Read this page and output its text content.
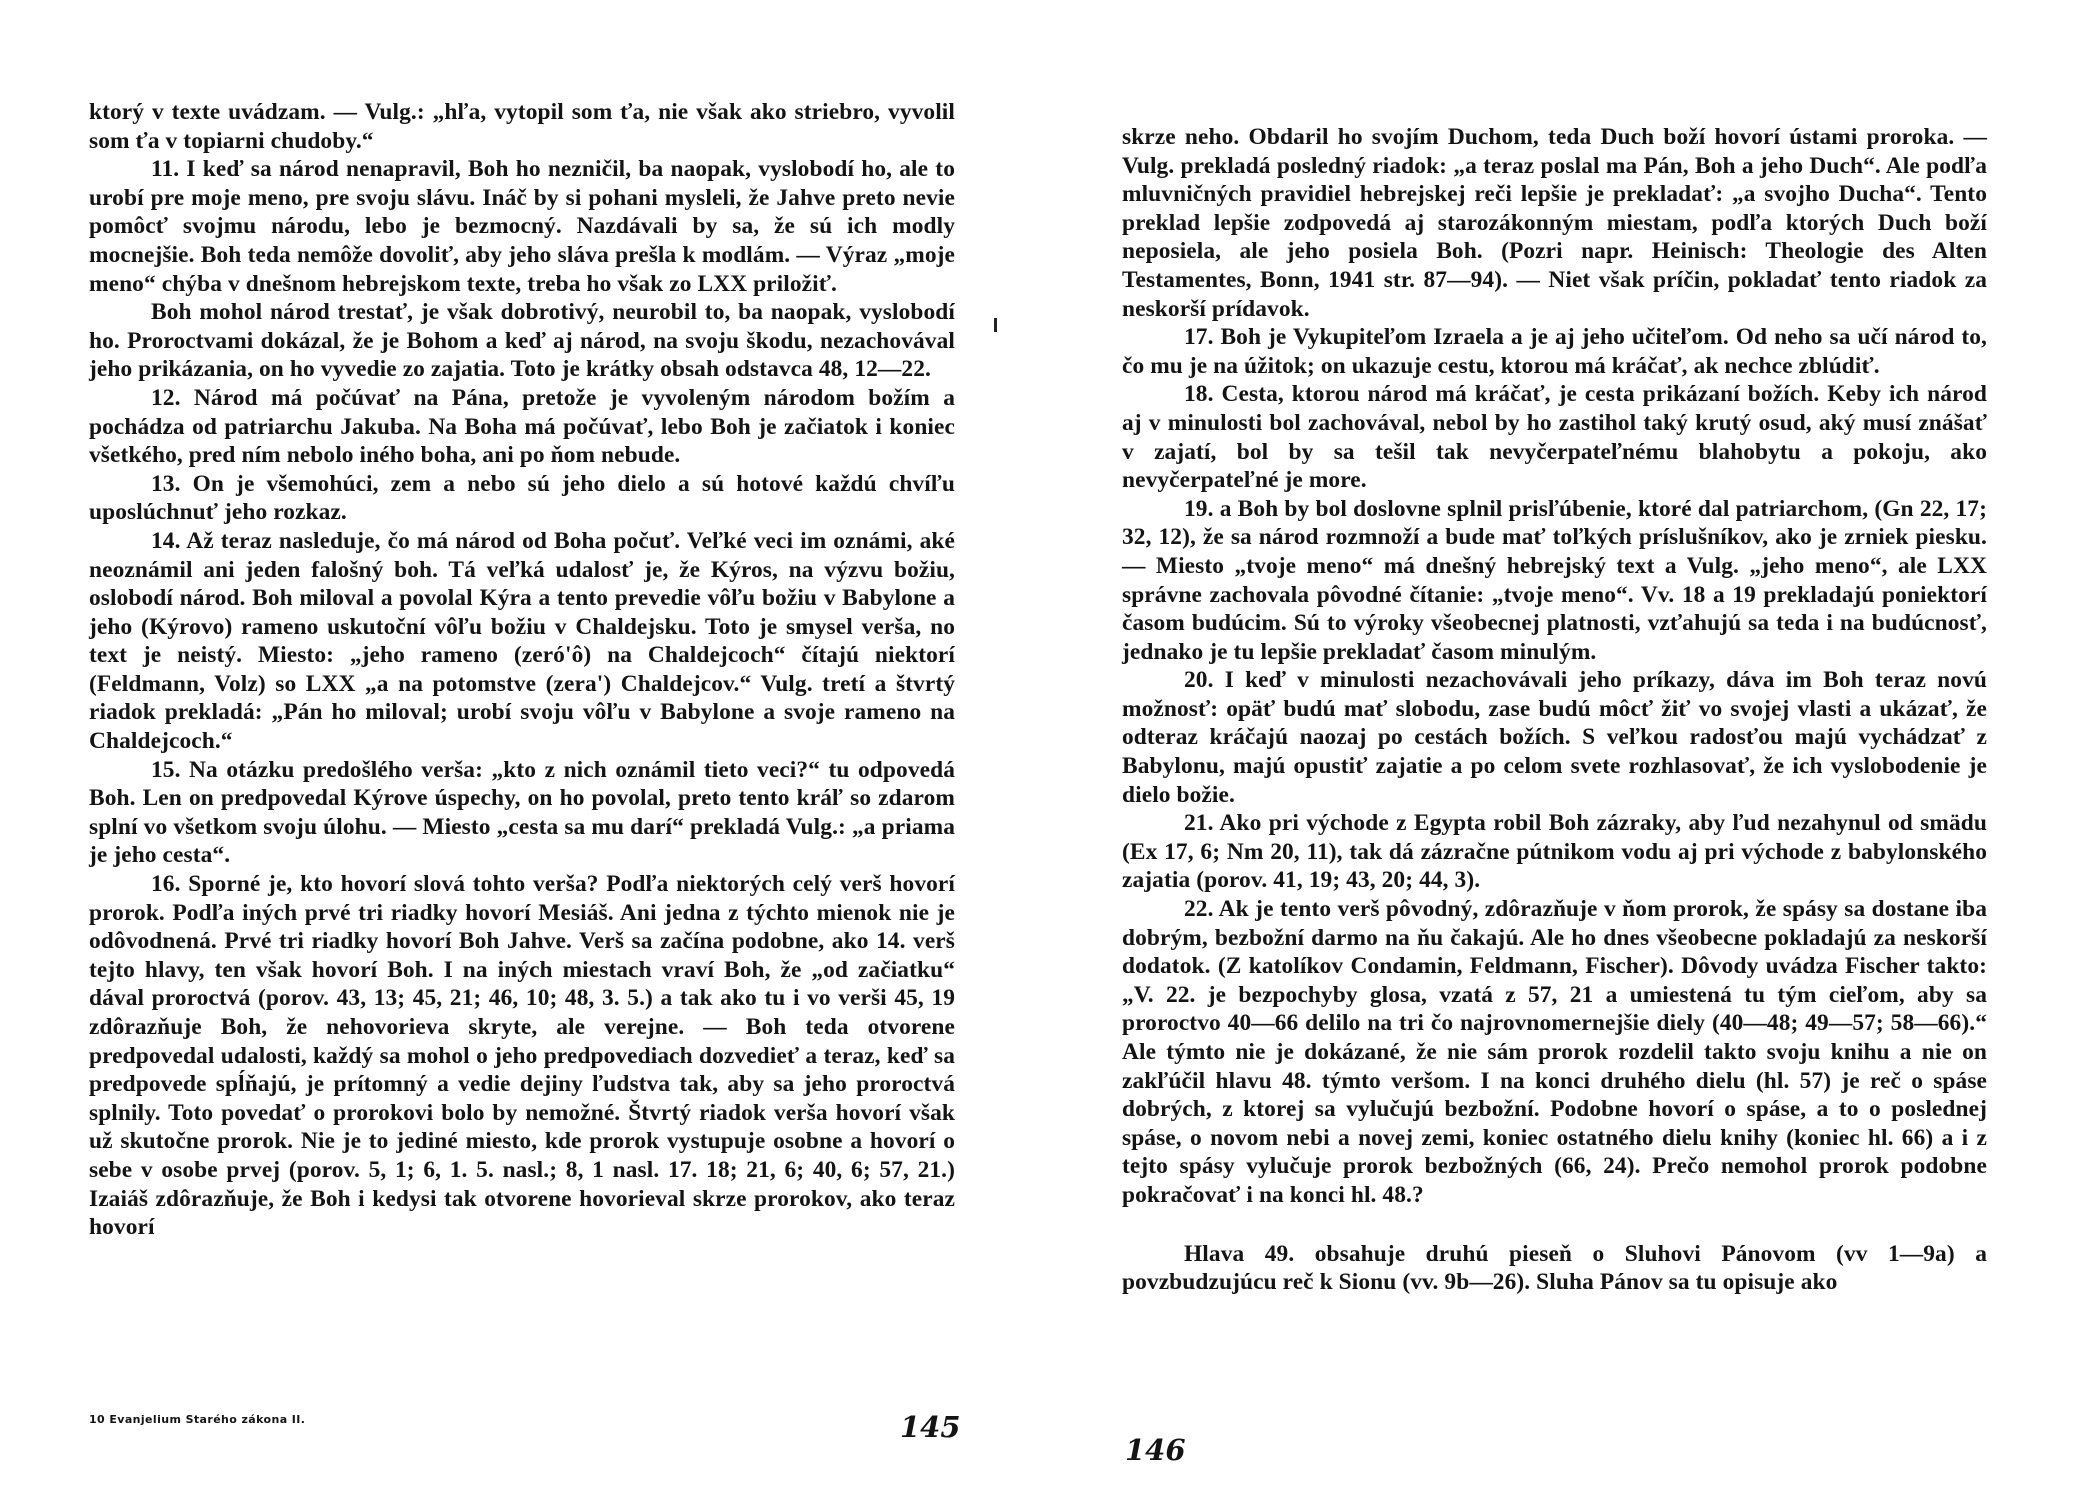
ktorý v texte uvádzam. — Vulg.: „hľa, vytopil som ťa, nie však ako striebro, vyvolil som ťa v topiarni chudoby.“

11. I keď sa národ nenapravil, Boh ho nezničil, ba naopak, vyslobodí ho, ale to urobí pre moje meno, pre svoju slávu. Ináč by si pohani mysleli, že Jahve preto nevie pomôcť svojmu národu, lebo je bezmocný. Nazdávali by sa, že sú ich modly mocnejšie. Boh teda nemôže dovoliť, aby jeho sláva prešla k modlám. — Výraz „moje meno“ chýba v dnešnom hebrejskom texte, treba ho však zo LXX priložiť.

Boh mohol národ trestať, je však dobrotivý, neurobil to, ba naopak, vyslobodí ho. Proroctvami dokázal, že je Bohom a keď aj národ, na svoju škodu, nezachovával jeho prikázania, on ho vyvedie zo zajatia. Toto je krátky obsah odstavca 48, 12—22.

12. Národ má počúvať na Pána, pretože je vyvoleným národom božím a pochádza od patriarchu Jakuba. Na Boha má počúvať, lebo Boh je začiatok i koniec všetkého, pred ním nebolo iného boha, ani po ňom nebude.

13. On je všemohúci, zem a nebo sú jeho dielo a sú hotové každú chvíľu uposlúchnuť jeho rozkaz.

14. Až teraz nasleduje, čo má národ od Boha počuť. Veľké veci im oznámi, aké neoznámil ani jeden falošný boh. Tá veľká udalosť je, že Kýros, na výzvu božiu, oslobodí národ. Boh miloval a povolal Kýra a tento prevedie vôľu božiu v Babylone a jeho (Kýrovo) rameno uskutoční vôľu božiu v Chaldejsku. Toto je smysel verša, no text je neistý. Miesto: „jeho rameno (zeró'ô) na Chaldejcoch“ čítajú niektorí (Feldmann, Volz) so LXX „a na potomstve (zera') Chaldejcov.“ Vulg. tretí a štvrtý riadok prekladá: „Pán ho miloval; urobí svoju vôľu v Babylone a svoje rameno na Chaldejcoch.“

15. Na otázku predošlého verša: „kto z nich oznámil tieto veci?“ tu odpovedá Boh. Len on predpovedal Kýrove úspechy, on ho povolal, preto tento kráľ so zdarom splní vo všetkom svoju úlohu. — Miesto „cesta sa mu darí“ prekladá Vulg.: „a priama je jeho cesta“.

16. Sporné je, kto hovorí slová tohto verša? Podľa niektorých celý verš hovorí prorok. Podľa iných prvé tri riadky hovorí Mesiáš. Ani jedna z týchto mienok nie je odôvodnená. Prvé tri riadky hovorí Boh Jahve. Verš sa začína podobne, ako 14. verš tejto hlavy, ten však hovorí Boh. I na iných miestach vraví Boh, že „od začiatku“ dával proroctvá (porov. 43, 13; 45, 21; 46, 10; 48, 3. 5.) a tak ako tu i vo verši 45, 19 zdôrazňuje Boh, že nehovorieva skryte, ale verejne. — Boh teda otvorene predpovedal udalosti, každý sa mohol o jeho predpovediach dozvedieť a teraz, keď sa predpovede spĺňajú, je prítomný a vedie dejiny ľudstva tak, aby sa jeho proroctvá splnily. Toto povedať o prorokovi bolo by nemožné. Štvrtý riadok verša hovorí však už skutočne prorok. Nie je to jediné miesto, kde prorok vystupuje osobne a hovorí o sebe v osobe prvej (porov. 5, 1; 6, 1. 5. nasl.; 8, 1 nasl. 17. 18; 21, 6; 40, 6; 57, 21.) Izaiáš zdôrazňuje, že Boh i kedysi tak otvorene hovorieval skrze prorokov, ako teraz hovorí

10 Evanjelium Starého zákona II.	145

skrze neho. Obdaril ho svojím Duchom, teda Duch boží hovorí ústami proroka. — Vulg. prekladá posledný riadok: „a teraz poslal ma Pán, Boh a jeho Duch“. Ale podľa mluvničných pravidiel hebrejskej reči lepšie je prekladať: „a svojho Ducha“. Tento preklad lepšie zodpovedá aj starozákonným miestam, podľa ktorých Duch boží neposiela, ale jeho posiela Boh. (Pozri napr. Heinisch: Theologie des Alten Testamentes, Bonn, 1941 str. 87—94). — Niet však príčin, pokladať tento riadok za neskorší prídavok.

17. Boh je Vykupiteľom Izraela a je aj jeho učiteľom. Od neho sa učí národ to, čo mu je na úžitok; on ukazuje cestu, ktorou má kráčať, ak nechce zblúdiť.

18. Cesta, ktorou národ má kráčať, je cesta prikázaní božích. Keby ich národ aj v minulosti bol zachovával, nebol by ho zastihol taký krutý osud, aký musí znášať v zajatí, bol by sa tešil tak nevyčerpateľnému blahobytu a pokoju, ako nevyčerpateľné je more.

19. a Boh by bol doslovne splnil prisľúbenie, ktoré dal patriarchom, (Gn 22, 17; 32, 12), že sa národ rozmnoží a bude mať toľkých príslušníkov, ako je zrniek piesku. — Miesto „tvoje meno“ má dnešný hebrejský text a Vulg. „jeho meno“, ale LXX správne zachovala pôvodné čítanie: „tvoje meno“. Vv. 18 a 19 prekladajú poniektorí časom budúcim. Sú to výroky všeobecnej platnosti, vzťahujú sa teda i na budúcnosť, jednako je tu lepšie prekladať časom minulým.

20. I keď v minulosti nezachovávali jeho príkazy, dáva im Boh teraz novú možnosť: opäť budú mať slobodu, zase budú môcť žiť vo svojej vlasti a ukázať, že odteraz kráčajú naozaj po cestách božích. S veľkou radosťou majú vychádzať z Babylonu, majú opustiť zajatie a po celom svete rozhlasovať, že ich vyslobodenie je dielo božie.

21. Ako pri východe z Egypta robil Boh zázraky, aby ľud nezahynul od smädu (Ex 17, 6; Nm 20, 11), tak dá zázračne pútnikom vodu aj pri východe z babylonského zajatia (porov. 41, 19; 43, 20; 44, 3).

22. Ak je tento verš pôvodný, zdôrazňuje v ňom prorok, že spásy sa dostane iba dobrým, bezbožní darmo na ňu čakajú. Ale ho dnes všeobecne pokladajú za neskorší dodatok. (Z katolíkov Condamin, Feldmann, Fischer). Dôvody uvádza Fischer takto: „V. 22. je bezpochyby glosa, vzatá z 57, 21 a umiestená tu tým cieľom, aby sa proroctvo 40—66 delilo na tri čo najrovnomernejšie diely (40—48; 49—57; 58—66).“ Ale týmto nie je dokázané, že nie sám prorok rozdelil takto svoju knihu a nie on zakľúčil hlavu 48. týmto veršom. I na konci druhého dielu (hl. 57) je reč o spáse dobrých, z ktorej sa vylučujú bezbožní. Podobne hovorí o spáse, a to o poslednej spáse, o novom nebi a novej zemi, koniec ostatného dielu knihy (koniec hl. 66) a i z tejto spásy vylučuje prorok bezbožných (66, 24). Prečo nemohol prorok podobne pokračovať i na konci hl. 48.?

Hlava 49. obsahuje druhú pieseň o Sluhovi Pánovom (vv 1—9a) a povzbudzujúcu reč k Sionu (vv. 9b—26). Sluha Pánov sa tu opisuje ako

146
